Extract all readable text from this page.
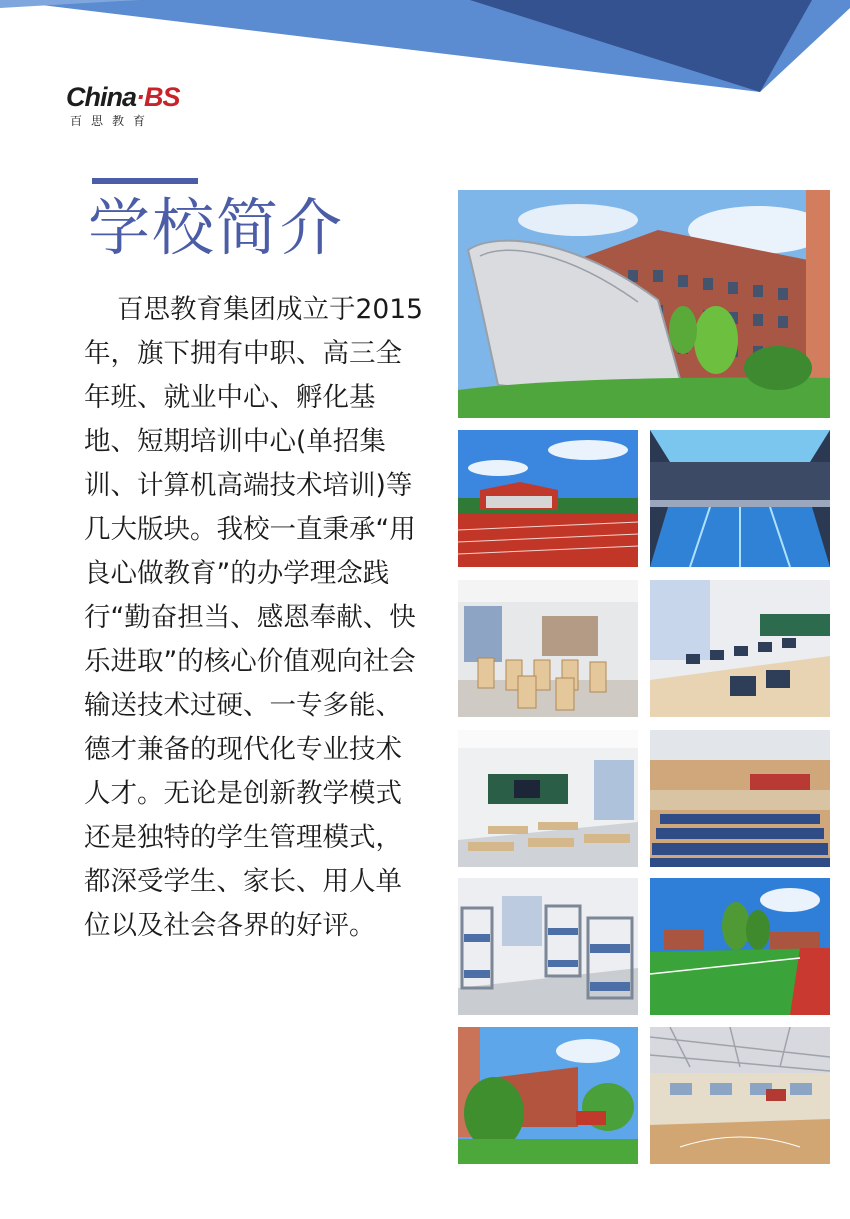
China·BS
百思教育
学校简介

百思教育集团成立于2015年，旗下拥有中职、高三全年班、就业中心、孵化基地、短期培训中心(单招集训、计算机高端技术培训)等几大版块。我校一直秉承“用良心做教育”的办学理念践行“勤奋担当、感恩奉献、快乐进取”的核心价值观向社会输送技术过硬、一专多能、德才兼备的现代化专业技术人才。无论是创新教学模式还是独特的学生管理模式，都深受学生、家长、用人单位以及社会各界的好评。
